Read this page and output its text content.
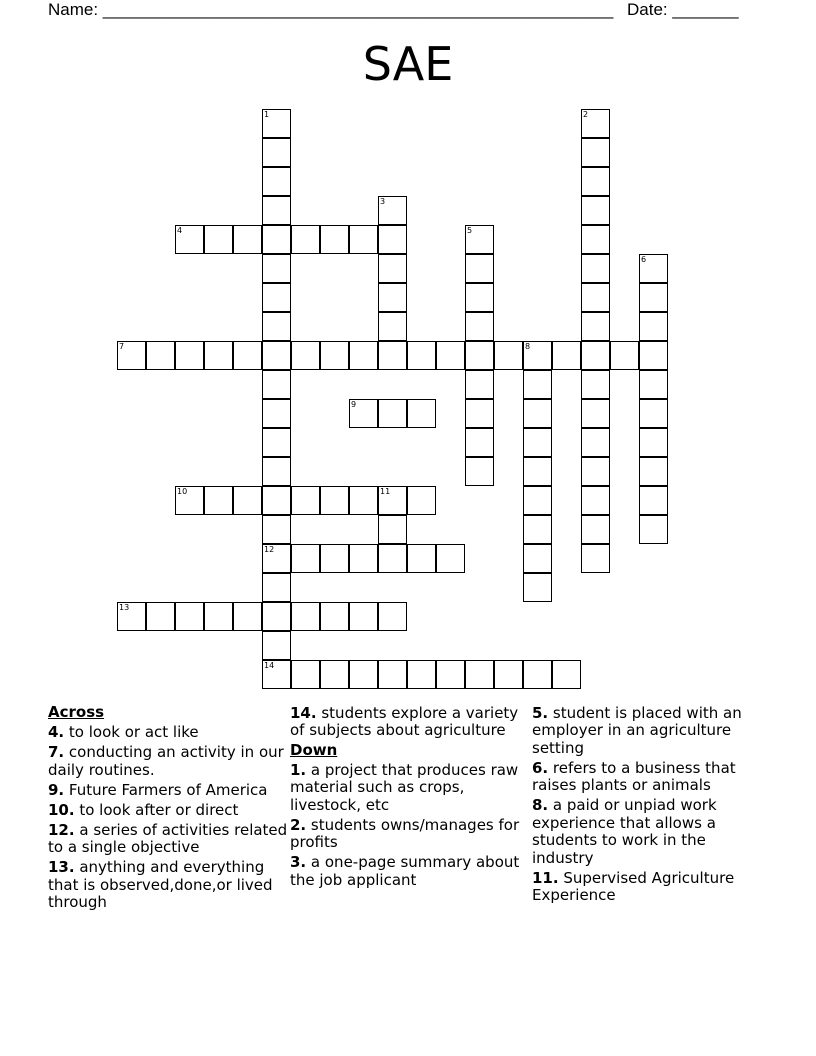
Name: ______________________________________________________ Date: _______
SAE
1
12
14
2
3
4	5
6
7	8
9
10	11
13
Across
4. to look or act like
7. conducting an activity in our daily routines.
9. Future Farmers of America
10. to look after or direct
12. a series of activities related to a single objective
13. anything and everything that is observed,done,or lived through
14. students explore a variety of subjects about agriculture
Down
1. a project that produces raw material such as crops, livestock, etc
2. students owns/manages for profits
3. a one-page summary about the job applicant
5. student is placed with an employer in an agriculture setting
6. refers to a business that raises plants or animals
8. a paid or unpiad work experience that allows a students to work in the industry
11. Supervised Agriculture Experience
